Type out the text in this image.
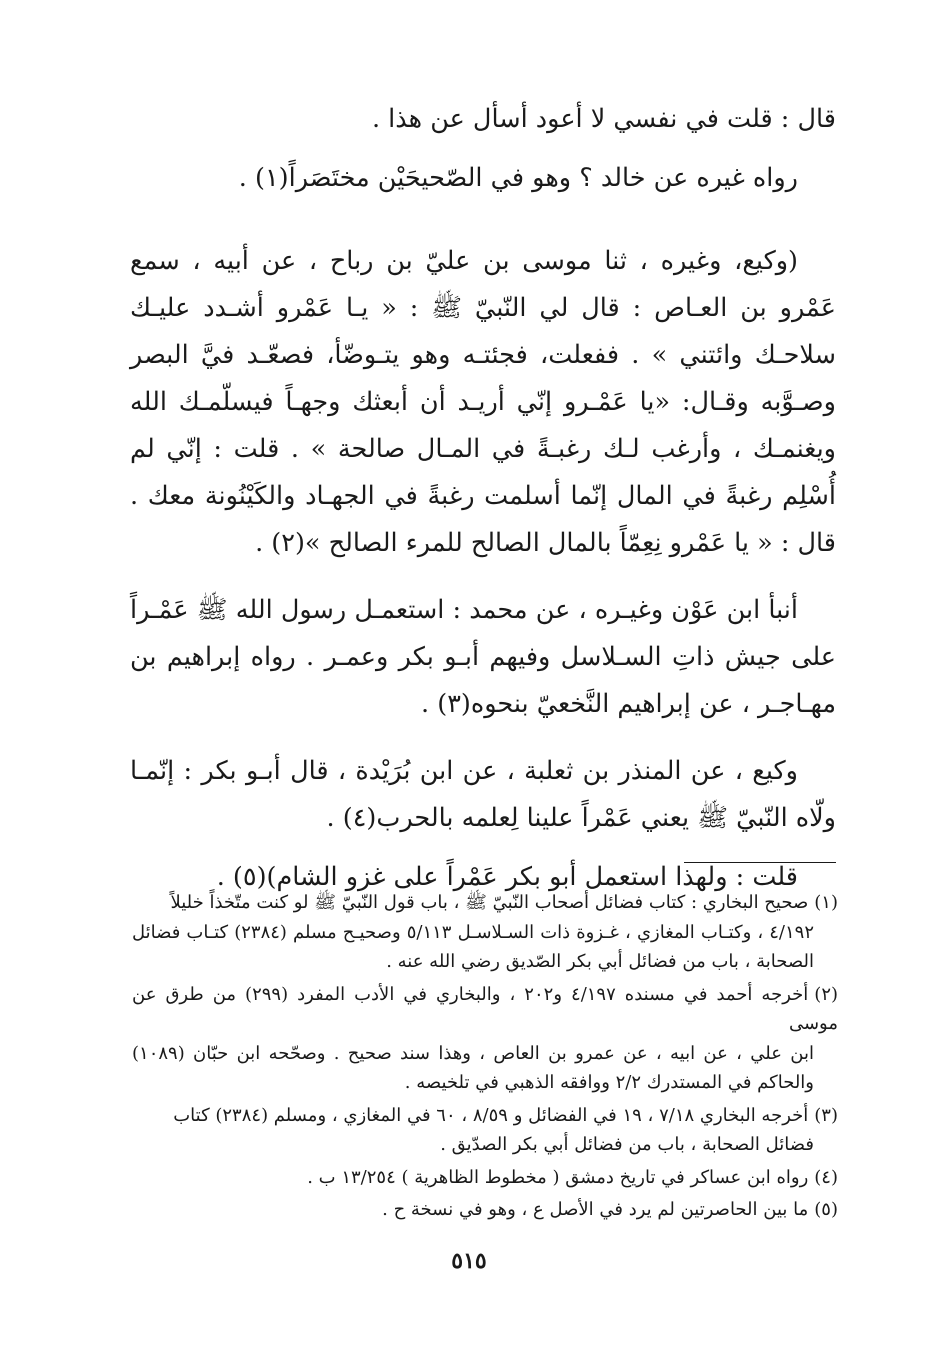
قال : قلت في نفسي لا أعود أسأل عن هذا .

رواه غيره عن خالد ؟ وهو في الصّحيحَيْن مختَصَراً(١) .

(وكيع، وغيره ، ثنا موسى بن عليّ بن رباح ، عن أبيه ، سمع عَمْرو بن العـاص : قال لي النّبيّ ﷺ : « يـا عَمْرو أشـدد عليـك سلاحـك وائتني » . ففعلت، فجئتـه وهو يتـوضّأ، فصعّـد فيَّ البصر وصـوَّبه وقـال: «يا عَمْـرو إنّي أريـد أن أبعثك وجهـاً فيسلّمـك الله ويغنمـك ، وأرغب لـك رغبـةً في المـال صالحة » . قلت : إنّي لم أُسْلِم رغبةً في المال إنّما أسلمت رغبةً في الجهـاد والكَيْنُونة معك . قال : « يا عَمْرو نِعِمّاً بالمال الصالح للمرء الصالح »(٢) .

أنبأ ابن عَوْن وغيـره ، عن محمد : استعمـل رسول الله ﷺ عَمْـراً على جيش ذاتِ السـلاسل وفيهم أبـو بكر وعمـر . رواه إبراهيم بن مهـاجـر ، عن إبراهيم النَّخعيّ بنحوه(٣) .

وكيع ، عن المنذر بن ثعلبة ، عن ابن بُرَيْدة ، قال أبـو بكر : إنّمـا ولّاه النّبيّ ﷺ يعني عَمْراً علينا لِعلمه بالحرب(٤) .

قلت : ولهذا استعمل أبو بكر عَمْراً على غزو الشام)(٥) .

(١)صحيح البخاري : كتاب فضائل أصحاب النّبيّ ﷺ ، باب قول النّبيّ ﷺ لو كنت متّخذاً خليلاً
٤/١٩٢ ، وكتـاب المغازي ، غـزوة ذات السـلاسـل ٥/١١٣ وصحيـح مسلم (٢٣٨٤) كتـاب فضائل الصحابة ، باب من فضائل أبي بكر الصّديق رضي الله عنه .

(٢)أخرجه أحمد في مسنده ٤/١٩٧ و٢٠٢ ، والبخاري في الأدب المفرد (٢٩٩) من طرق عن موسى
ابن علي ، عن ابيه ، عن عمرو بن العاص ، وهذا سند صحيح . وصحّحه ابن حبّان (١٠٨٩) والحاكم في المستدرك ٢/٢ ووافقه الذهبي في تلخيصه .

(٣)أخرجه البخاري ٧/١٨ ، ١٩ في الفضائل و ٨/٥٩ ، ٦٠ في المغازي ، ومسلم (٢٣٨٤) كتاب
فضائل الصحابة ، باب من فضائل أبي بكر الصدّيق .

(٤)رواه ابن عساكر في تاريخ دمشق ( مخطوط الظاهرية ) ١٣/٢٥٤ ب .

(٥)ما بين الحاصرتين لم يرد في الأصل ع ، وهو في نسخة ح .

٥١٥
